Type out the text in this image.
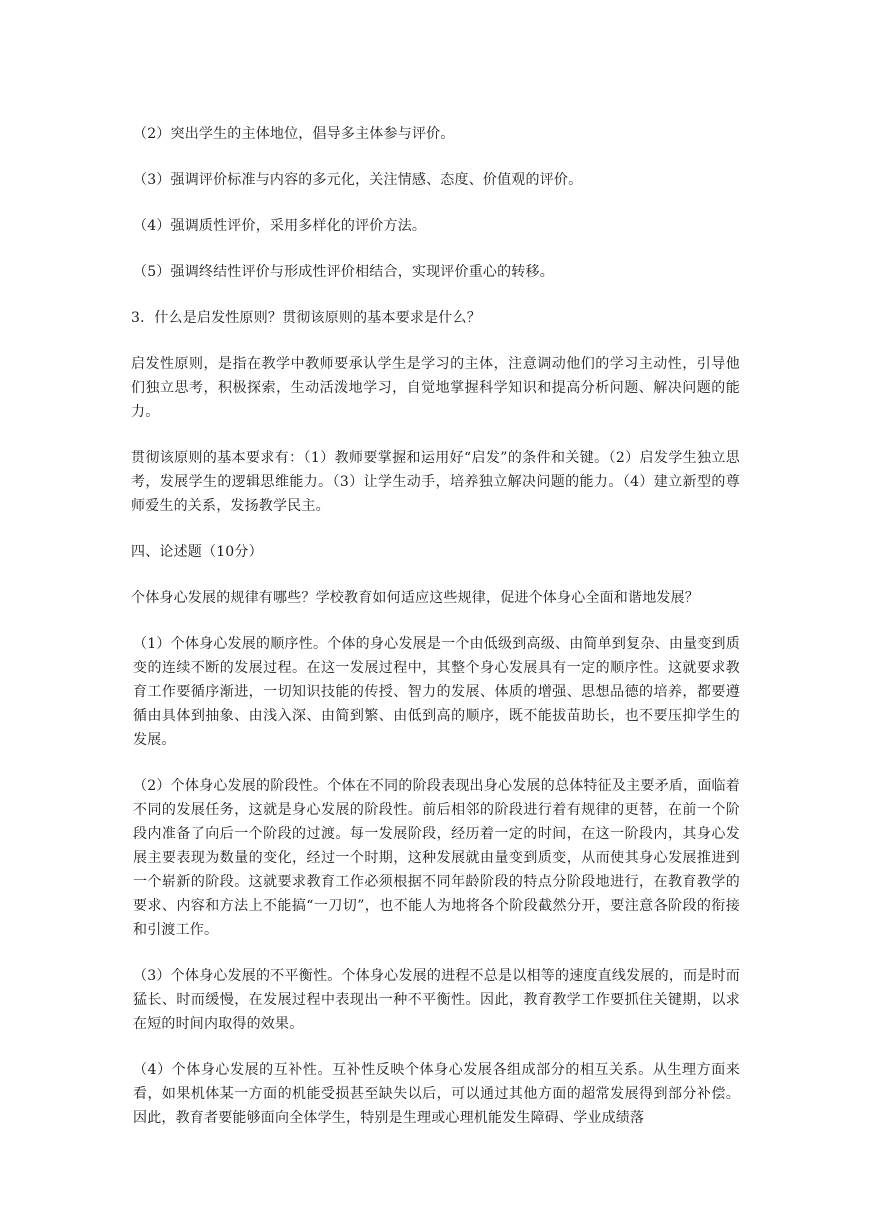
（2）突出学生的主体地位，倡导多主体参与评价。

（3）强调评价标准与内容的多元化，关注情感、态度、价值观的评价。

（4）强调质性评价，采用多样化的评价方法。

（5）强调终结性评价与形成性评价相结合，实现评价重心的转移。

3．什么是启发性原则？贯彻该原则的基本要求是什么？

启发性原则，是指在教学中教师要承认学生是学习的主体，注意调动他们的学习主动性，引导他们独立思考，积极探索，生动活泼地学习，自觉地掌握科学知识和提高分析问题、解决问题的能力。

贯彻该原则的基本要求有：（1）教师要掌握和运用好“启发”的条件和关键。（2）启发学生独立思考，发展学生的逻辑思维能力。（3）让学生动手，培养独立解决问题的能力。（4）建立新型的尊师爱生的关系，发扬教学民主。

四、论述题（10分）

个体身心发展的规律有哪些？学校教育如何适应这些规律，促进个体身心全面和谐地发展？

（1）个体身心发展的顺序性。个体的身心发展是一个由低级到高级、由简单到复杂、由量变到质变的连续不断的发展过程。在这一发展过程中，其整个身心发展具有一定的顺序性。这就要求教育工作要循序渐进，一切知识技能的传授、智力的发展、体质的增强、思想品德的培养，都要遵循由具体到抽象、由浅入深、由简到繁、由低到高的顺序，既不能拔苗助长，也不要压抑学生的发展。

（2）个体身心发展的阶段性。个体在不同的阶段表现出身心发展的总体特征及主要矛盾，面临着不同的发展任务，这就是身心发展的阶段性。前后相邻的阶段进行着有规律的更替，在前一个阶段内准备了向后一个阶段的过渡。每一发展阶段，经历着一定的时间，在这一阶段内，其身心发展主要表现为数量的变化，经过一个时期，这种发展就由量变到质变，从而使其身心发展推进到一个崭新的阶段。这就要求教育工作必须根据不同年龄阶段的特点分阶段地进行，在教育教学的要求、内容和方法上不能搞“一刀切”，也不能人为地将各个阶段截然分开，要注意各阶段的衔接和引渡工作。

（3）个体身心发展的不平衡性。个体身心发展的进程不总是以相等的速度直线发展的，而是时而猛长、时而缓慢，在发展过程中表现出一种不平衡性。因此，教育教学工作要抓住关键期，以求在短的时间内取得的效果。

（4）个体身心发展的互补性。互补性反映个体身心发展各组成部分的相互关系。从生理方面来看，如果机体某一方面的机能受损甚至缺失以后，可以通过其他方面的超常发展得到部分补偿。因此，教育者要能够面向全体学生，特别是生理或心理机能发生障碍、学业成绩落
